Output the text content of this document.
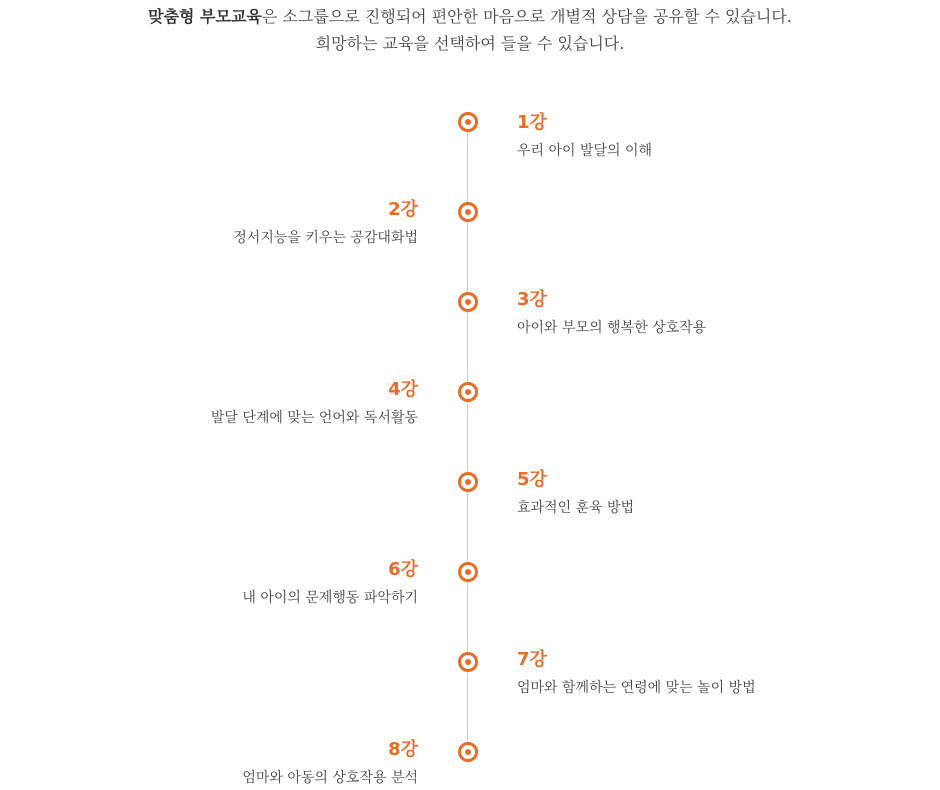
맞춤형 부모교육은 소그룹으로 진행되어 편안한 마음으로 개별적 상담을 공유할 수 있습니다.
희망하는 교육을 선택하여 들을 수 있습니다.
1강
우리 아이 발달의 이해
2강
정서지능을 키우는 공감대화법
3강
아이와 부모의 행복한 상호작용
4강
발달 단계에 맞는 언어와 독서활동
5강
효과적인 훈육 방법
6강
내 아이의 문제행동 파악하기
7강
엄마와 함께하는 연령에 맞는 놀이 방법
8강
엄마와 아동의 상호작용 분석
